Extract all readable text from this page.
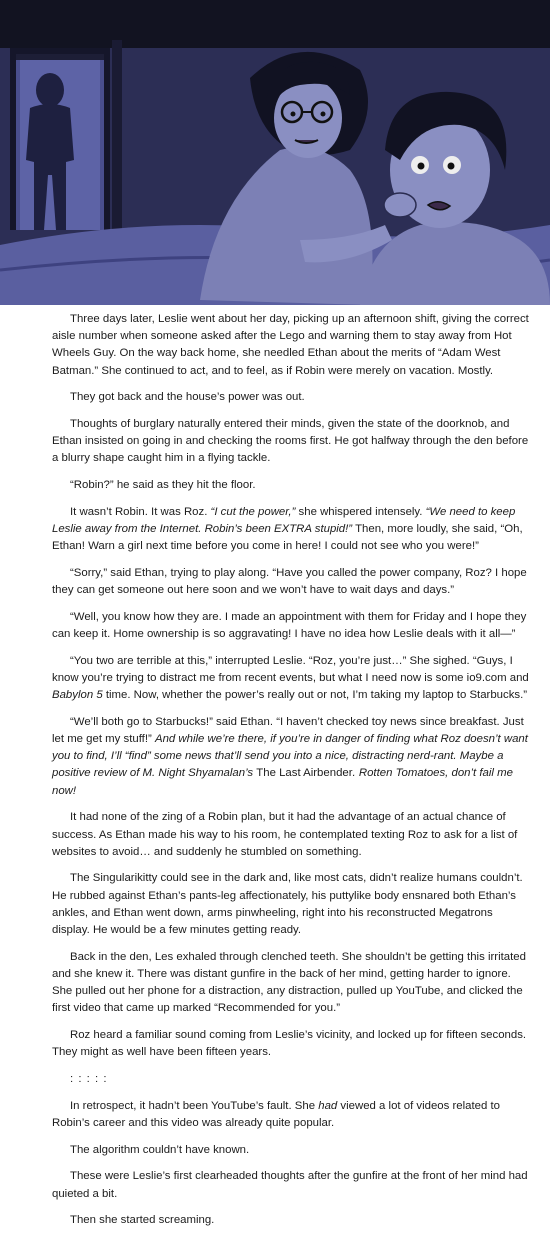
Three days later, Leslie went about her day, picking up an afternoon shift, giving the correct aisle number when someone asked after the Lego and warning them to stay away from Hot Wheels Guy. On the way back home, she needled Ethan about the merits of “Adam West Batman.” She continued to act, and to feel, as if Robin were merely on vacation. Mostly.

They got back and the house’s power was out.

Thoughts of burglary naturally entered their minds, given the state of the doorknob, and Ethan insisted on going in and checking the rooms first. He got halfway through the den before a blurry shape caught him in a flying tackle.

“Robin?” he said as they hit the floor.

It wasn’t Robin. It was Roz. “I cut the power,” she whispered intensely. “We need to keep Leslie away from the Internet. Robin’s been EXTRA stupid!” Then, more loudly, she said, “Oh, Ethan! Warn a girl next time before you come in here! I could not see who you were!”

“Sorry,” said Ethan, trying to play along. “Have you called the power company, Roz? I hope they can get someone out here soon and we won’t have to wait days and days.”

“Well, you know how they are. I made an appointment with them for Friday and I hope they can keep it. Home ownership is so aggravating! I have no idea how Leslie deals with it all—”

“You two are terrible at this,” interrupted Leslie. “Roz, you’re just…” She sighed. “Guys, I know you’re trying to distract me from recent events, but what I need now is some io9.com and Babylon 5 time. Now, whether the power’s really out or not, I’m taking my laptop to Starbucks.”

“We’ll both go to Starbucks!” said Ethan. “I haven’t checked toy news since breakfast. Just let me get my stuff!” And while we’re there, if you’re in danger of finding what Roz doesn’t want you to find, I’ll “find” some news that’ll send you into a nice, distracting nerd-rant. Maybe a positive review of M. Night Shyamalan’s The Last Airbender. Rotten Tomatoes, don’t fail me now!

It had none of the zing of a Robin plan, but it had the advantage of an actual chance of success. As Ethan made his way to his room, he contemplated texting Roz to ask for a list of websites to avoid… and suddenly he stumbled on something.

The Singularikitty could see in the dark and, like most cats, didn’t realize humans couldn’t. He rubbed against Ethan’s pants-leg affectionately, his puttylike body ensnared both Ethan’s ankles, and Ethan went down, arms pinwheeling, right into his reconstructed Megatrons display. He would be a few minutes getting ready.

Back in the den, Les exhaled through clenched teeth. She shouldn’t be getting this irritated and she knew it. There was distant gunfire in the back of her mind, getting harder to ignore. She pulled out her phone for a distraction, any distraction, pulled up YouTube, and clicked the first video that came up marked “Recommended for you.”

Roz heard a familiar sound coming from Leslie’s vicinity, and locked up for fifteen seconds. They might as well have been fifteen years.

: : : : :

In retrospect, it hadn’t been YouTube’s fault. She had viewed a lot of videos related to Robin’s career and this video was already quite popular.

The algorithm couldn’t have known.

These were Leslie’s first clearheaded thoughts after the gunfire at the front of her mind had quieted a bit.

Then she started screaming.
